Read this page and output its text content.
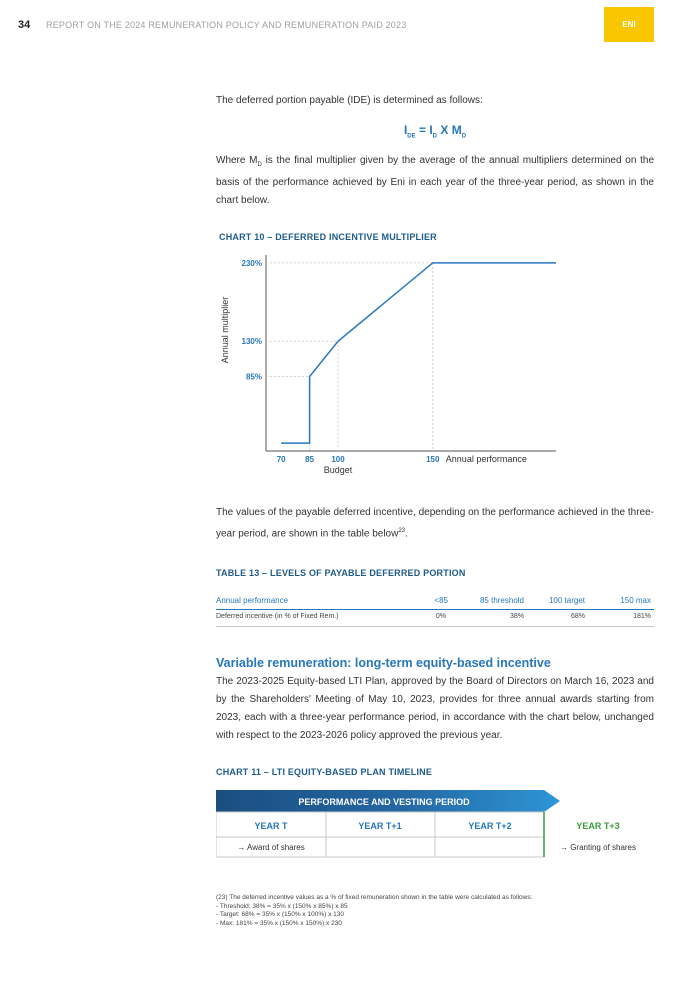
34 REPORT ON THE 2024 REMUNERATION POLICY AND REMUNERATION PAID 2023	ENI
The deferred portion payable (IDE) is determined as follows:
$I_{DE} = I_D$ X $M_D$
Where $M_D$ is the final multiplier given by the average of the annual multipliers determined on the basis of the performance achieved by Eni in each year of the three-year period, as shown in the chart below.
CHART 10 – DEFERRED INCENTIVE MULTIPLIER
Annual multiplier
230%
130%
85%
70 85 100	150
Budget
Annual performance
The values of the payable deferred incentive, depending on the performance achieved in the three-year period, are shown in the table below$^{23}$.
TABLE 13 – LEVELS OF PAYABLE DEFERRED PORTION
Annual performance	<85	85 threshold	100 target	150 max
Deferred incentive (in % of Fixed Rem.)	0%	38%	68%	181%
Variable remuneration: long-term equity-based incentive
The 2023-2025 Equity-based LTI Plan, approved by the Board of Directors on March 16, 2023 and by the Shareholders' Meeting of May 10, 2023, provides for three annual awards starting from 2023, each with a three-year performance period, in accordance with the chart below, unchanged with respect to the 2023-2026 policy approved the previous year.
CHART 11 – LTI EQUITY-BASED PLAN TIMELINE
PERFORMANCE AND VESTING PERIOD
YEAR T	YEAR T+1	YEAR T+2	YEAR T+3
→ Award of shares	→ Granting of shares
(23) The deferred incentive values as a % of fixed remuneration shown in the table were calculated as follows:
- Threshold: 38% = 35% x (150% x 85%) x 85
- Target: 68% = 35% x (150% x 100%) x 130
- Max: 181% = 35% x (150% x 150%) x 230
